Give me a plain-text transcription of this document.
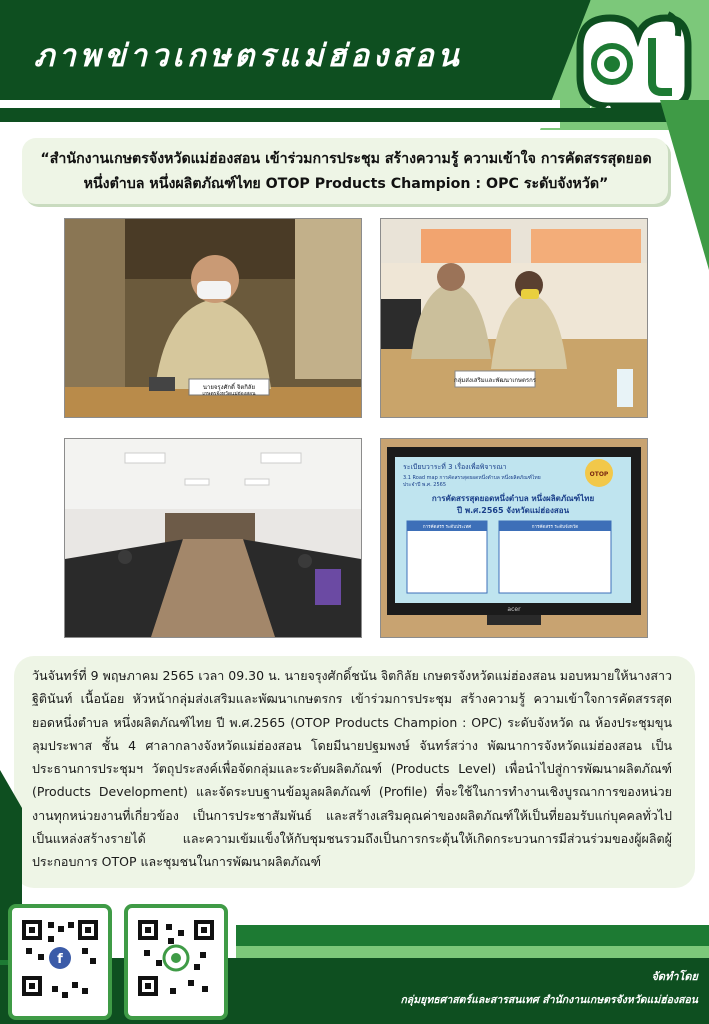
ภาพข่าวเกษตรแม่ฮ่องสอน
“สำนักงานเกษตรจังหวัดแม่ฮ่องสอน เข้าร่วมการประชุม สร้างความรู้ ความเข้าใจ การคัดสรรสุดยอด
หนึ่งตำบล หนึ่งผลิตภัณฑ์ไทย OTOP Products Champion : OPC ระดับจังหวัด”
นายจรุงศักดิ์ จิตกิลัย
เกษตรจังหวัดแม่ฮ่องสอน
กลุ่มส่งเสริมและพัฒนาเกษตรกร
ระเบียบวาระที่ 3 เรื่องเพื่อพิจารณา
3.1 Road map การคัดสรรสุดยอดหนึ่งตำบล หนึ่งผลิตภัณฑ์ไทย
ประจำปี พ.ศ. 2565
OTOP
การคัดสรรสุดยอดหนึ่งตำบล หนึ่งผลิตภัณฑ์ไทย
ปี พ.ศ.2565 จังหวัดแม่ฮ่องสอน
การคัดสรร ระดับประเทศ	การคัดสรร ระดับจังหวัด
acer
วันจันทร์ที่ 9 พฤษภาคม 2565 เวลา 09.30 น. นายจรุงศักดิ์ชนัน จิตกิลัย เกษตรจังหวัดแม่ฮ่องสอน มอบหมายให้นางสาวฐิตินันท์ เนื้อน้อย หัวหน้ากลุ่มส่งเสริมและพัฒนาเกษตรกร เข้าร่วมการประชุม สร้างความรู้ ความเข้าใจการคัดสรรสุดยอดหนึ่งตำบล หนึ่งผลิตภัณฑ์ไทย ปี พ.ศ.2565 (OTOP Products Champion : OPC) ระดับจังหวัด ณ ห้องประชุมขุนลุมประพาส ชั้น 4 ศาลากลางจังหวัดแม่ฮ่องสอน โดยมีนายปฐมพงษ์ จันทร์สว่าง พัฒนาการจังหวัดแม่ฮ่องสอน เป็นประธานการประชุมฯ วัตถุประสงค์เพื่อจัดกลุ่มและระดับผลิตภัณฑ์ (Products Level) เพื่อนำไปสู่การพัฒนาผลิตภัณฑ์ (Products Development) และจัดระบบฐานข้อมูลผลิตภัณฑ์ (Profile) ที่จะใช้ในการทำงานเชิงบูรณาการของหน่วยงานทุกหน่วยงานที่เกี่ยวข้อง เป็นการประชาสัมพันธ์ และสร้างเสริมคุณค่าของผลิตภัณฑ์ให้เป็นที่ยอมรับแก่บุคคลทั่วไป เป็นแหล่งสร้างรายได้ และความเข้มแข็งให้กับชุมชนรวมถึงเป็นการกระตุ้นให้เกิดกระบวนการมีส่วนร่วมของผู้ผลิตผู้ประกอบการ OTOP และชุมชนในการพัฒนาผลิตภัณฑ์
f
จัดทำโดย
กลุ่มยุทธศาสตร์และสารสนเทศ สำนักงานเกษตรจังหวัดแม่ฮ่องสอน
